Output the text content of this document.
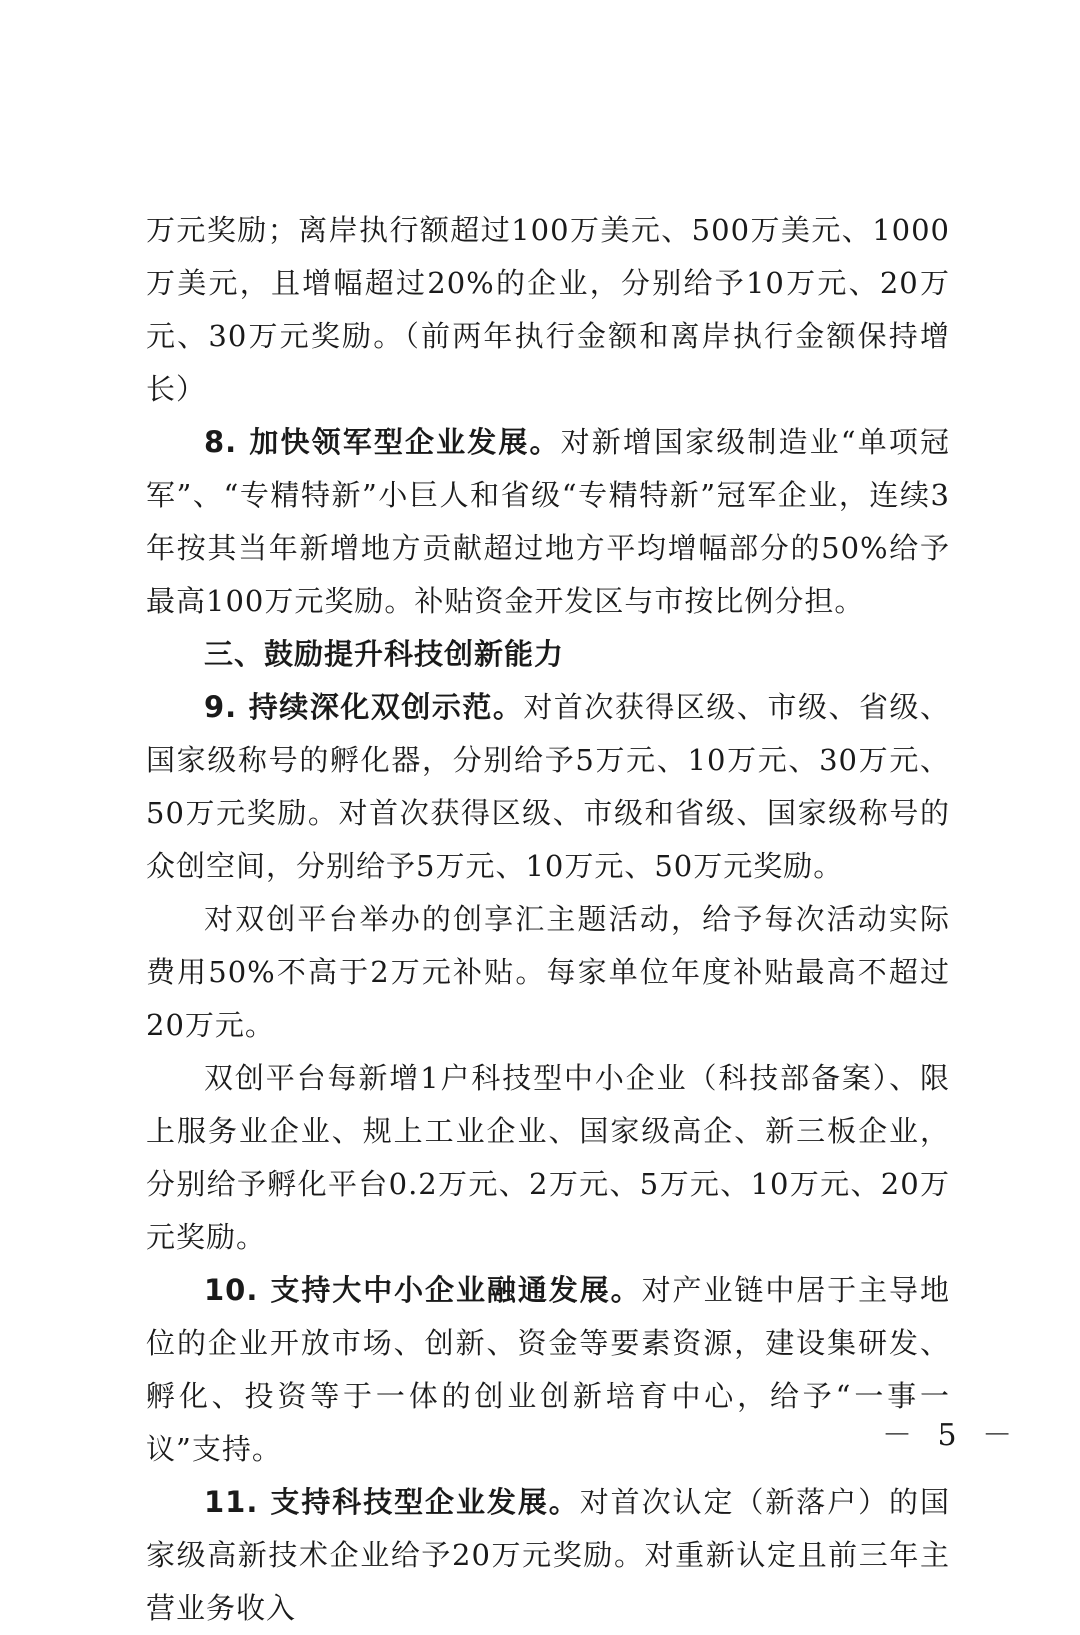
万元奖励；离岸执行额超过100万美元、500万美元、1000万美元，且增幅超过20%的企业，分别给予10万元、20万元、30万元奖励。（前两年执行金额和离岸执行金额保持增长）

8. 加快领军型企业发展。对新增国家级制造业“单项冠军”、“专精特新”小巨人和省级“专精特新”冠军企业，连续3年按其当年新增地方贡献超过地方平均增幅部分的50%给予最高100万元奖励。补贴资金开发区与市按比例分担。

三、鼓励提升科技创新能力

9. 持续深化双创示范。对首次获得区级、市级、省级、国家级称号的孵化器，分别给予5万元、10万元、30万元、50万元奖励。对首次获得区级、市级和省级、国家级称号的众创空间，分别给予5万元、10万元、50万元奖励。

对双创平台举办的创享汇主题活动，给予每次活动实际费用50%不高于2万元补贴。每家单位年度补贴最高不超过20万元。

双创平台每新增1户科技型中小企业（科技部备案）、限上服务业企业、规上工业企业、国家级高企、新三板企业，分别给予孵化平台0.2万元、2万元、5万元、10万元、20万元奖励。

10. 支持大中小企业融通发展。对产业链中居于主导地位的企业开放市场、创新、资金等要素资源，建设集研发、孵化、投资等于一体的创业创新培育中心，给予“一事一议”支持。

11. 支持科技型企业发展。对首次认定（新落户）的国家级高新技术企业给予20万元奖励。对重新认定且前三年主营业务收入

－ 5 －
